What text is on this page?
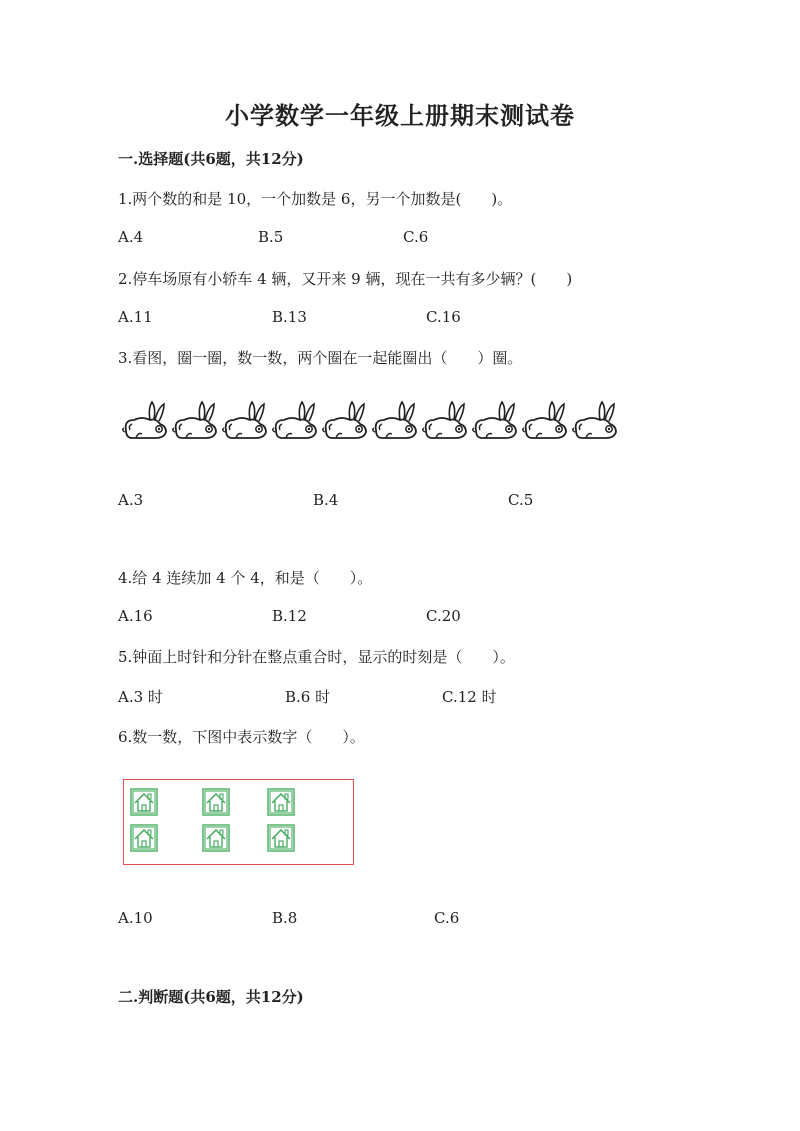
小学数学一年级上册期末测试卷
一.选择题(共6题，共12分)
1.两个数的和是 10，一个加数是 6，另一个加数是(　　)。
A.4	B.5	C.6
2.停车场原有小轿车 4 辆，又开来 9 辆，现在一共有多少辆？(　　)
A.11	B.13	C.16
3.看图，圈一圈，数一数，两个圈在一起能圈出（　　）圈。
A.3	B.4	C.5
4.给 4 连续加 4 个 4，和是（　　）。
A.16	B.12	C.20
5.钟面上时针和分针在整点重合时，显示的时刻是（　　）。
A.3 时	B.6 时	C.12 时
6.数一数，下图中表示数字（　　）。
A.10	B.8	C.6
二.判断题(共6题，共12分)
